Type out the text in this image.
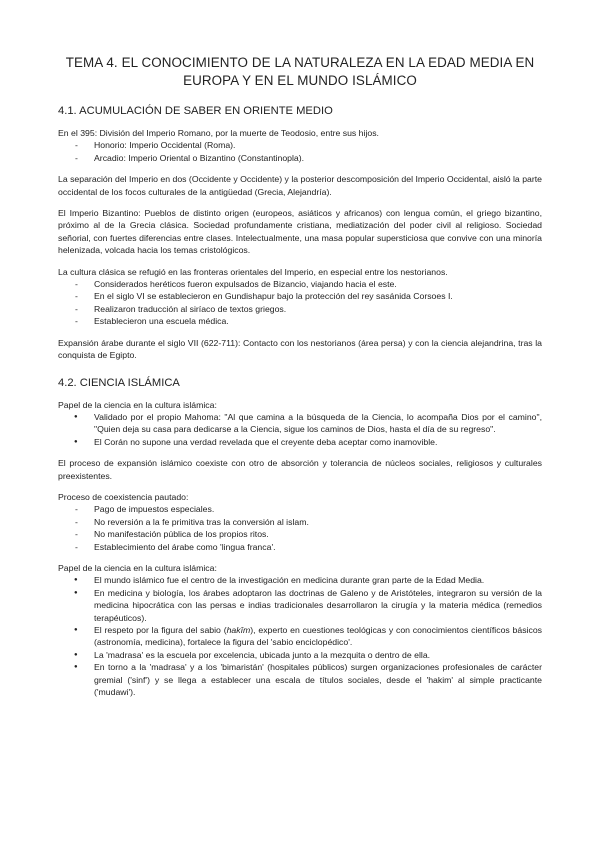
TEMA 4. EL CONOCIMIENTO DE LA NATURALEZA EN LA EDAD MEDIA EN EUROPA Y EN EL MUNDO ISLÁMICO
4.1. ACUMULACIÓN DE SABER EN ORIENTE MEDIO

En el 395: División del Imperio Romano, por la muerte de Teodosio, entre sus hijos.

- Honorio: Imperio Occidental (Roma).
- Arcadio: Imperio Oriental o Bizantino (Constantinopla).

La separación del Imperio en dos (Occidente y Occidente) y la posterior descomposición del Imperio Occidental, aisló la parte occidental de los focos culturales de la antigüedad (Grecia, Alejandría).

El Imperio Bizantino: Pueblos de distinto origen (europeos, asiáticos y africanos) con lengua común, el griego bizantino, próximo al de la Grecia clásica. Sociedad profundamente cristiana, mediatización del poder civil al religioso. Sociedad señorial, con fuertes diferencias entre clases. Intelectualmente, una masa popular supersticiosa que convive con una minoría helenizada, volcada hacia los temas cristológicos.

La cultura clásica se refugió en las fronteras orientales del Imperio, en especial entre los nestorianos.

- Considerados heréticos fueron expulsados de Bizancio, viajando hacia el este.
- En el siglo VI se establecieron en Gundishapur bajo la protección del rey sasánida Corsoes I.
- Realizaron traducción al siríaco de textos griegos.
- Establecieron una escuela médica.

Expansión árabe durante el siglo VII (622-711): Contacto con los nestorianos (área persa) y con la ciencia alejandrina, tras la conquista de Egipto.

4.2. CIENCIA ISLÁMICA

Papel de la ciencia en la cultura islámica:

● Validado por el propio Mahoma: "Al que camina a la búsqueda de la Ciencia, lo acompaña Dios por el camino", "Quien deja su casa para dedicarse a la Ciencia, sigue los caminos de Dios, hasta el día de su regreso".
● El Corán no supone una verdad revelada que el creyente deba aceptar como inamovible.

El proceso de expansión islámico coexiste con otro de absorción y tolerancia de núcleos sociales, religiosos y culturales preexistentes.

Proceso de coexistencia pautado:

- Pago de impuestos especiales.
- No reversión a la fe primitiva tras la conversión al islam.
- No manifestación pública de los propios ritos.
- Establecimiento del árabe como 'lingua franca'.

Papel de la ciencia en la cultura islámica:

● El mundo islámico fue el centro de la investigación en medicina durante gran parte de la Edad Media.
● En medicina y biología, los árabes adoptaron las doctrinas de Galeno y de Aristóteles, integraron su versión de la medicina hipocrática con las persas e indias tradicionales desarrollaron la cirugía y la materia médica (remedios terapéuticos).
● El respeto por la figura del sabio (hakîm), experto en cuestiones teológicas y con conocimientos científicos básicos (astronomía, medicina), fortalece la figura del 'sabio enciclopédico'.
● La 'madrasa' es la escuela por excelencia, ubicada junto a la mezquita o dentro de ella.
● En torno a la 'madrasa' y a los 'bimaristán' (hospitales públicos) surgen organizaciones profesionales de carácter gremial ('sinf') y se llega a establecer una escala de títulos sociales, desde el 'hakim' al simple practicante ('mudawi').
